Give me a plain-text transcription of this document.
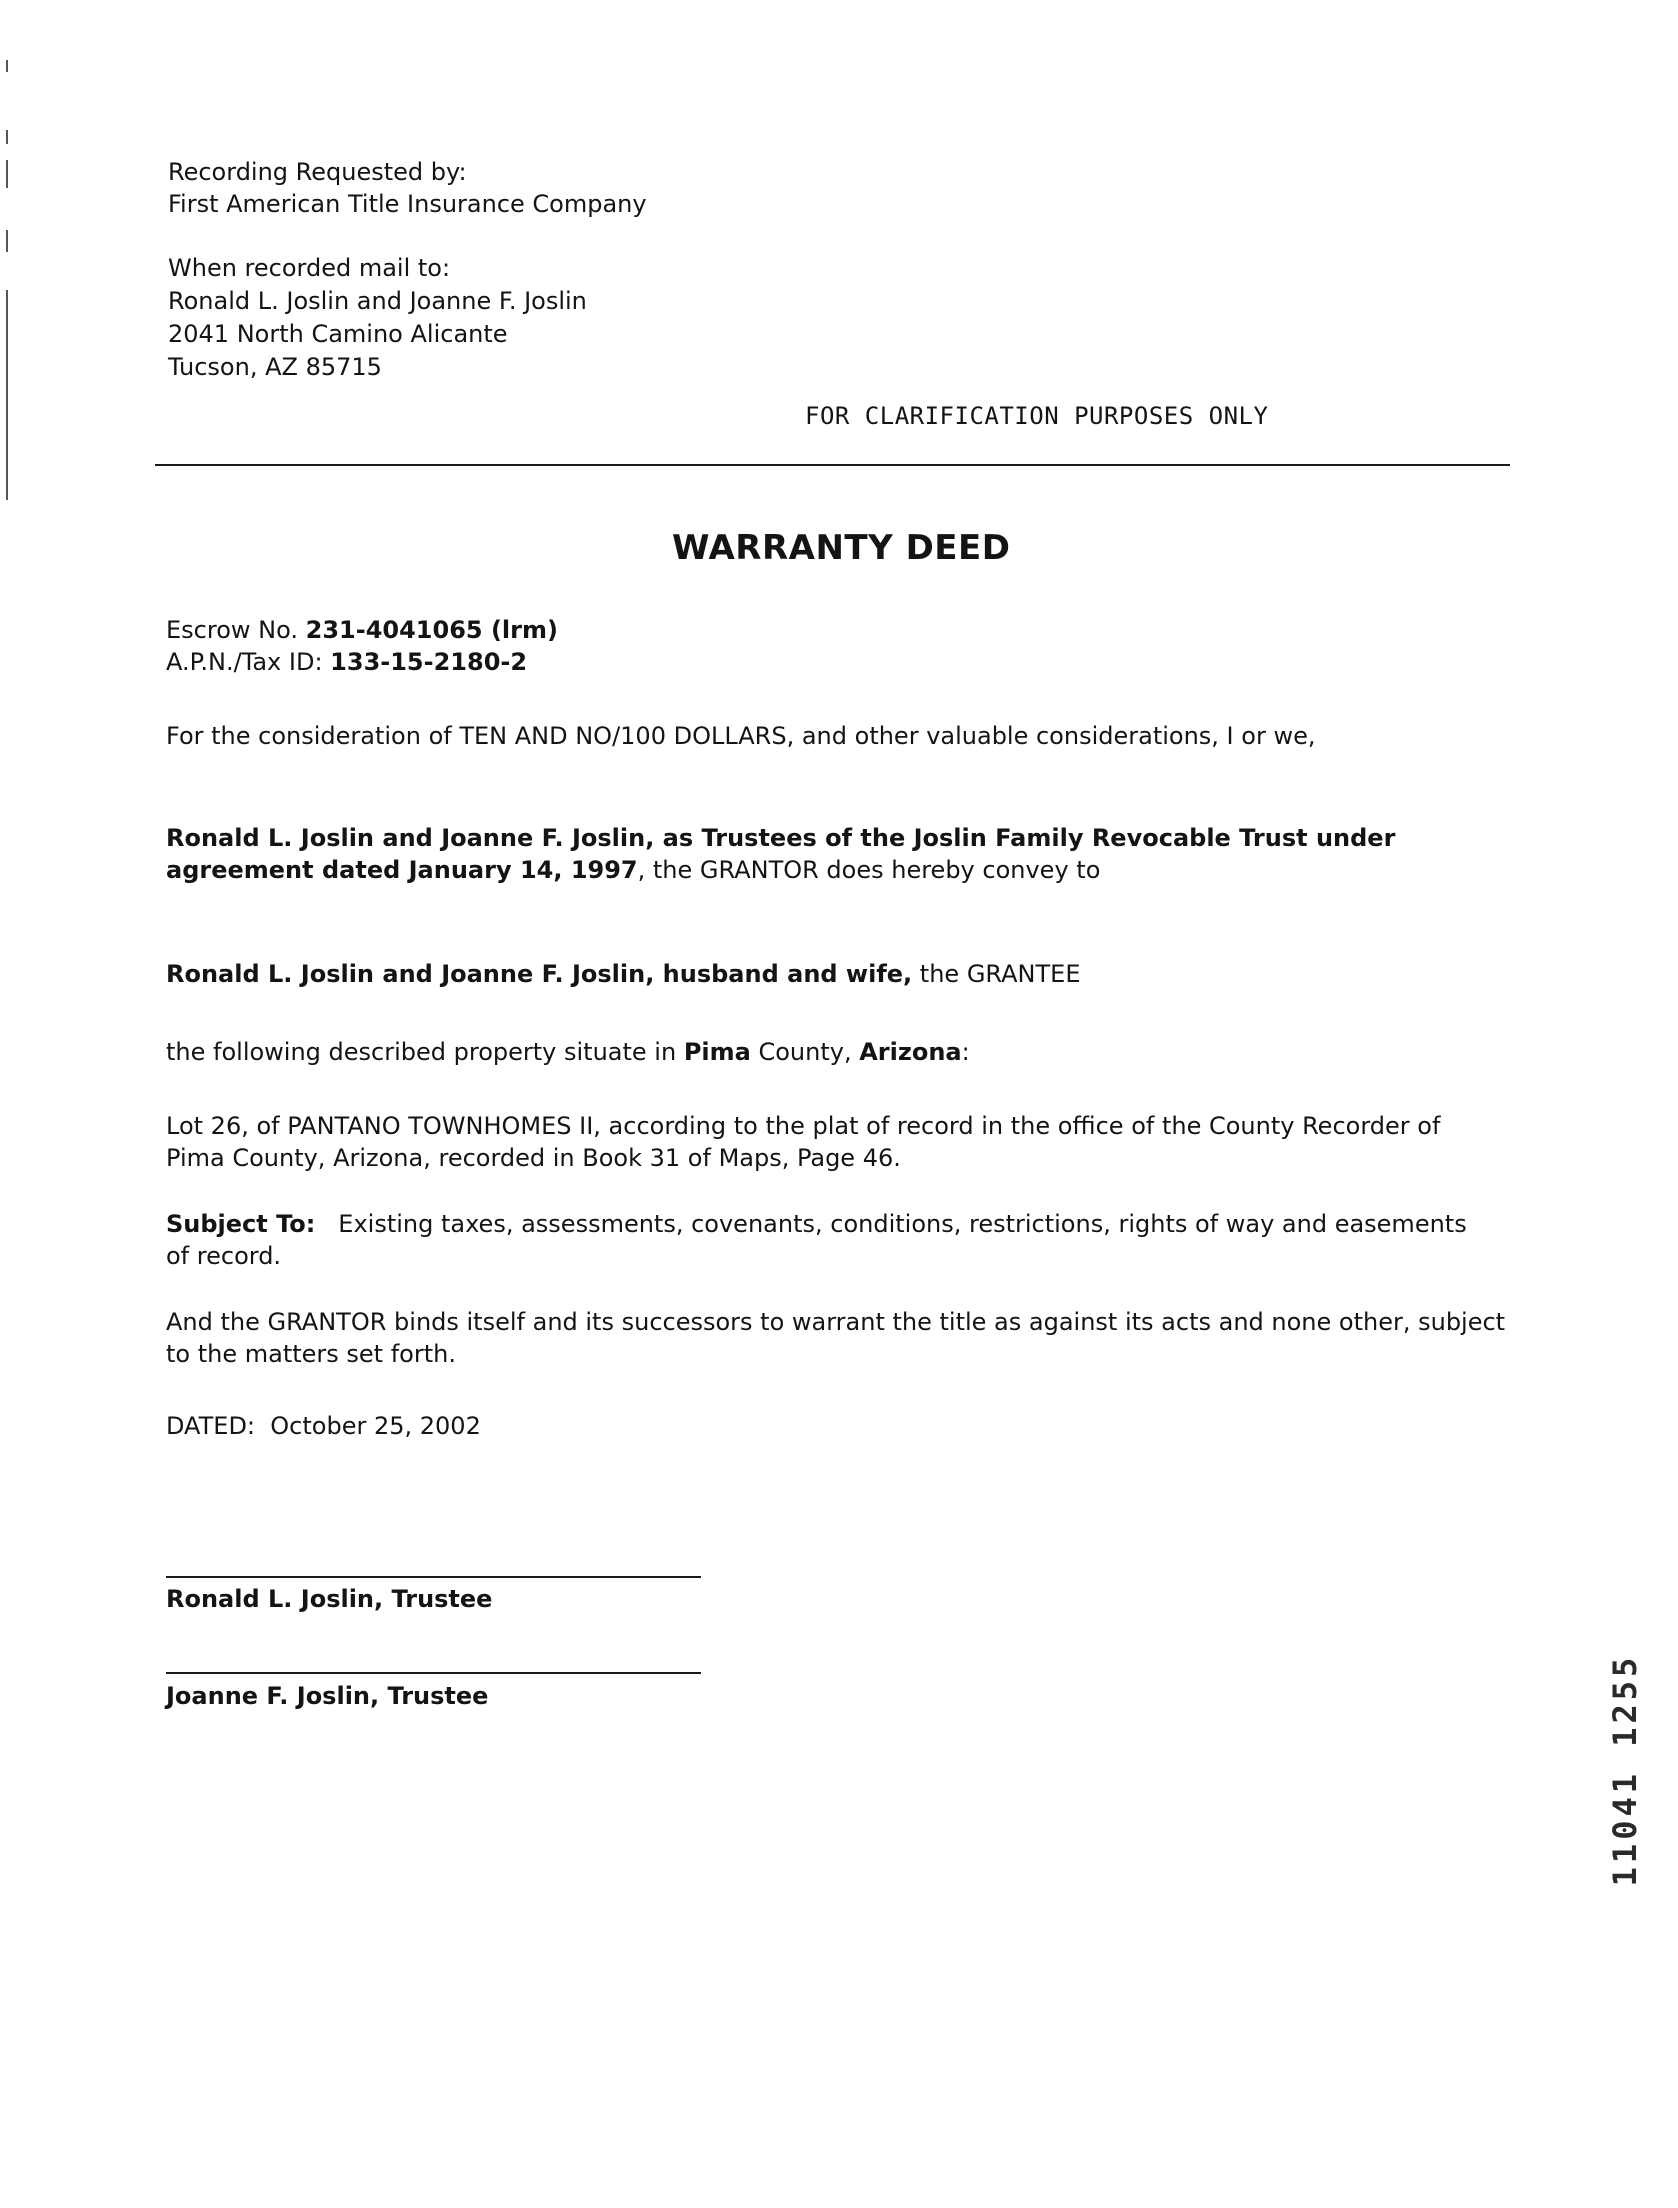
Recording Requested by:
First American Title Insurance Company
When recorded mail to:
Ronald L. Joslin and Joanne F. Joslin
2041 North Camino Alicante
Tucson, AZ 85715
FOR CLARIFICATION PURPOSES ONLY
WARRANTY DEED
Escrow No. 231-4041065 (lrm)
A.P.N./Tax ID: 133-15-2180-2
For the consideration of TEN AND NO/100 DOLLARS, and other valuable considerations, I or we,
Ronald L. Joslin and Joanne F. Joslin, as Trustees of the Joslin Family Revocable Trust under agreement dated January 14, 1997, the GRANTOR does hereby convey to
Ronald L. Joslin and Joanne F. Joslin, husband and wife, the GRANTEE
the following described property situate in Pima County, Arizona:
Lot 26, of PANTANO TOWNHOMES II, according to the plat of record in the office of the County Recorder of Pima County, Arizona, recorded in Book 31 of Maps, Page 46.
Subject To: Existing taxes, assessments, covenants, conditions, restrictions, rights of way and easements of record.
And the GRANTOR binds itself and its successors to warrant the title as against its acts and none other, subject to the matters set forth.
DATED: October 25, 2002
Ronald L. Joslin, Trustee
Joanne F. Joslin, Trustee	11041 1255
